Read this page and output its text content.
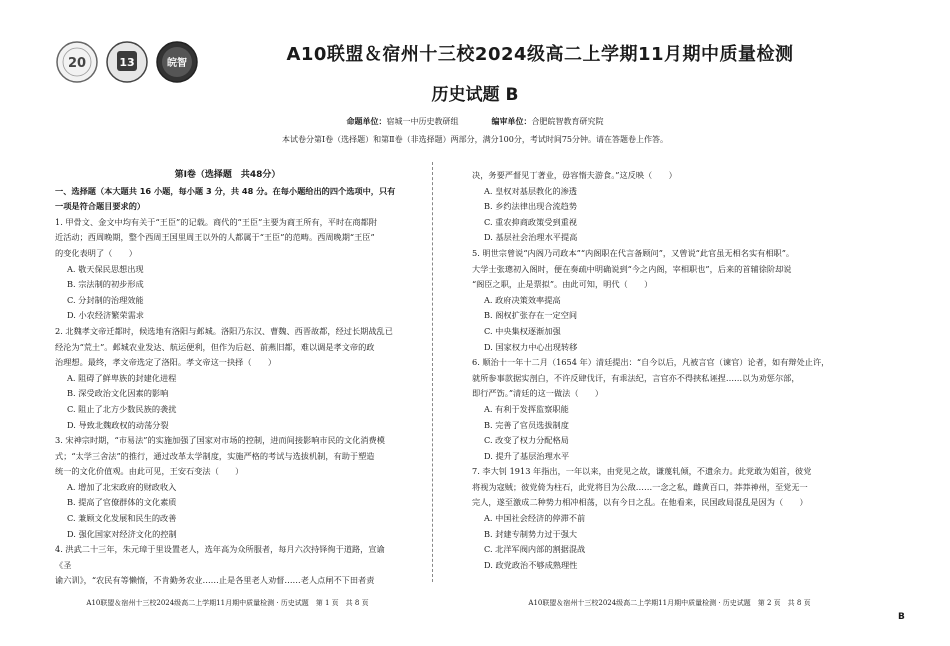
20	13	皖智	A10联盟＆宿州十三校2024级高二上学期11月期中质量检测
历史试题 B
命题单位：宿城一中历史教研组	编审单位：合肥皖智教育研究院
本试卷分第Ⅰ卷（选择题）和第Ⅱ卷（非选择题）两部分，满分100分，考试时间75分钟。请在答题卷上作答。
第Ⅰ卷（选择题　共48分）
一、选择题（本大题共 16 小题，每小题 3 分，共 48 分。在每小题给出的四个选项中，只有一项是符合题目要求的）

1. 甲骨文、金文中均有关于“王臣”的记载。商代的“王臣”主要为商王所有，平时在商都附

近活动；西周晚期，整个西周王国里周王以外的人都属于“王臣”的范畴。西周晚期“王臣”

的变化表明了（　　）

A. 敬天保民思想出现

B. 宗法制的初步形成

C. 分封制的治理效能

D. 小农经济繁荣需求

2. 北魏孝文帝迁都时，候选地有洛阳与邺城。洛阳乃东汉、曹魏、西晋故都，经过长期战乱已

经沦为“荒土”。邺城农业发达、航运便利，但作为后赵、前燕旧都，难以调是孝文帝的政

治理想。最终，孝文帝选定了洛阳。孝文帝这一抉择（　　）

A. 阻碍了鲜卑族的封建化进程

B. 深受政治文化因素的影响

C. 阻止了北方少数民族的袭扰

D. 导致北魏政权的动荡分裂

3. 宋神宗时期，“市易法”的实施加强了国家对市场的控制，进而间接影响市民的文化消费模

式；“太学三舍法”的推行，通过改革太学制度，实施严格的考试与选拔机制，有助于塑造

统一的文化价值观。由此可见，王安石变法（　　）

A. 增加了北宋政府的财政收入

B. 提高了官僚群体的文化素质

C. 兼顾文化发展和民生的改善

D. 强化国家对经济文化的控制

4. 洪武二十三年，朱元璋于里设置老人，选年高为众所服者，每月六次持铎徇于道路，宣谕《圣

谕六训》，“农民有等懒惰，不肯勤务农业……止是各里老人劝督……老人点闸不下田者责

决，务要严督见丁著业，毋容惰夫游食。”这反映（　　）

A. 皇权对基层教化的渗透

B. 乡约法律出现合流趋势

C. 重农抑商政策受到重视

D. 基层社会治理水平提高

5. 明世宗曾说“内阁乃司政本”“内阁职在代言备顾问”，又曾说“此官虽无相名实有相职”。

大学士张璁初入阁时，便在奏疏中明确说到“今之内阁，宰相职也”，后来的首辅徐阶却说

“阁臣之职，止是票拟”。由此可知，明代（　　）

A. 政府决策效率提高

B. 阁权扩张存在一定空间

C. 中央集权逐渐加强

D. 国家权力中心出现转移

6. 顺治十一年十二月（1654 年）清廷提出：“自今以后，凡被言官（谏官）论者，如有辩处止许，

就所参事款据实剖白，不许反肆伐讦，有乖法纪，言官亦不得挟私诬捏……以为劝惩尔部，

即行严饬。”清廷的这一做法（　　）

A. 有利于发挥监察职能

B. 完善了官员选拔制度

C. 改变了权力分配格局

D. 提升了基层治理水平

7. 李大钊 1913 年指出，一年以来，由党见之故，谦蔑轧倾，不遗余力。此党敢为姐首，彼党

将视为寇贼；彼党倚为柱石，此党将目为公敌……一念之私，雌黄百口，莽莽神州，至党无一

完人，遂至激成二种势力相冲相荡，以有今日之乱。在他看来，民国政局混乱是因为（　　）

A. 中国社会经济的停滞不前

B. 封建专制势力过于强大

C. 北洋军阀内部的割据混战

D. 政党政治不够成熟理性

A10联盟＆宿州十三校2024级高二上学期11月期中质量检测 · 历史试题　第 1 页　共 8 页	A10联盟＆宿州十三校2024级高二上学期11月期中质量检测 · 历史试题　第 2 页　共 8 页
B
